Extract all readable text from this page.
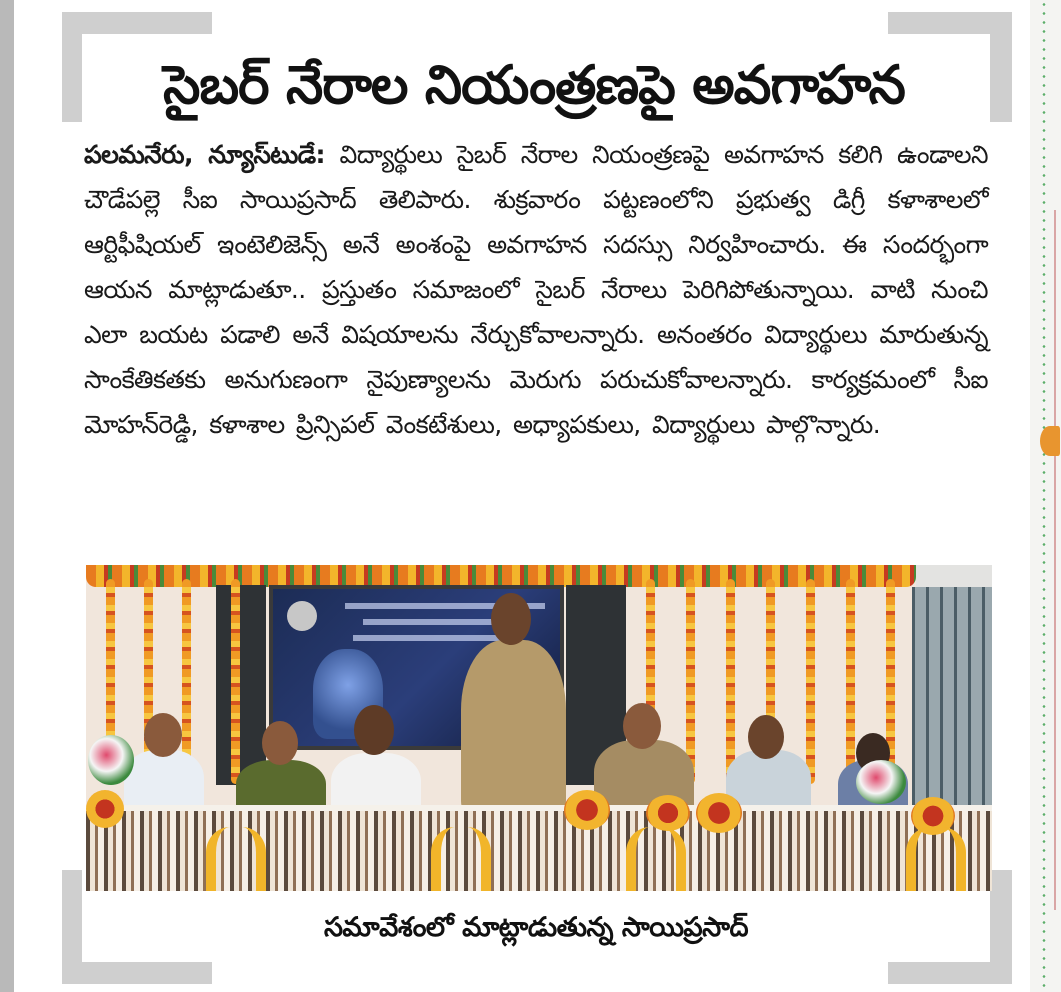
సైబర్ నేరాల నియంత్రణపై అవగాహన

పలమనేరు, న్యూస్‌టుడే: విద్యార్థులు సైబర్ నేరాల నియంత్రణపై అవగాహన కలిగి ఉండాలని చౌడేపల్లె సీఐ సాయిప్రసాద్ తెలిపారు. శుక్రవారం పట్టణంలోని ప్రభుత్వ డిగ్రీ కళాశాలలో ఆర్టిఫీషియల్ ఇంటెలిజెన్స్ అనే అంశంపై అవగాహన సదస్సు నిర్వహించారు. ఈ సందర్భంగా ఆయన మాట్లాడుతూ.. ప్రస్తుతం సమాజంలో సైబర్ నేరాలు పెరిగిపోతున్నాయి. వాటి నుంచి ఎలా బయట పడాలి అనే విషయాలను నేర్చుకోవాలన్నారు. అనంతరం విద్యార్థులు మారుతున్న సాంకేతికతకు అనుగుణంగా నైపుణ్యాలను మెరుగు పరుచుకోవాలన్నారు. కార్యక్రమంలో సీఐ మోహన్‌రెడ్డి, కళాశాల ప్రిన్సిపల్ వెంకటేశులు, అధ్యాపకులు, విద్యార్థులు పాల్గొన్నారు.

సమావేశంలో మాట్లాడుతున్న సాయిప్రసాద్
